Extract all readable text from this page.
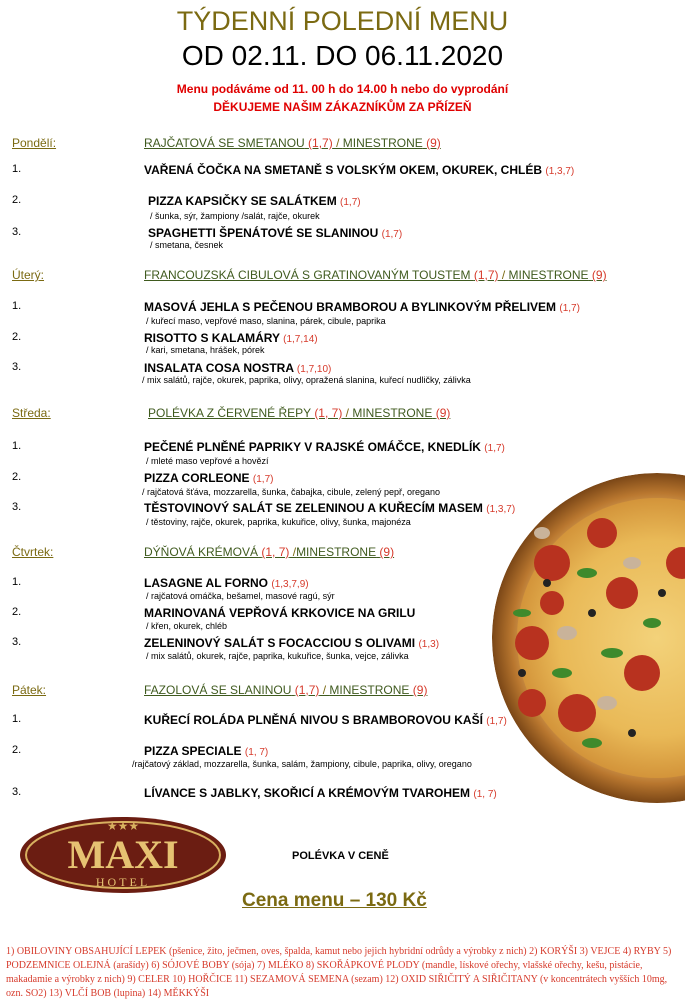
TÝDENNÍ POLEDNÍ MENU
OD 02.11. DO 06.11.2020
Menu podáváme od 11. 00 h do 14.00 h nebo do vyprodání
DĚKUJEME NAŠIM ZÁKAZNÍKŮM ZA PŘÍZEŇ
Pondělí:	RAJČATOVÁ SE SMETANOU (1,7) / MINESTRONE (9)
1.	VAŘENÁ ČOČKA NA SMETANĚ S VOLSKÝM OKEM, OKUREK, CHLÉB (1,3,7)
2.	PIZZA KAPSIČKY SE SALÁTKEM (1,7)
/ šunka, sýr, žampiony /salát, rajče, okurek
3.	SPAGHETTI ŠPENÁTOVÉ SE SLANINOU (1,7)
/ smetana, česnek
Úterý:	FRANCOUZSKÁ CIBULOVÁ S GRATINOVANÝM TOUSTEM (1,7) / MINESTRONE (9)
1.	MASOVÁ JEHLA S PEČENOU BRAMBOROU A BYLINKOVÝM PŘELIVEM (1,7)
/ kuřecí maso, vepřové maso, slanina, párek, cibule, paprika
2.	RISOTTO S KALAMÁRY (1,7,14)
/ kari, smetana, hrášek, pórek
3.	INSALATA COSA NOSTRA (1,7,10)
/ mix salátů, rajče, okurek, paprika, olivy, opražená slanina, kuřecí nudličky, zálivka
Středa:	POLÉVKA Z ČERVENÉ ŘEPY (1, 7) / MINESTRONE (9)
1.	PEČENÉ PLNĚNÉ PAPRIKY V RAJSKÉ OMÁČCE, KNEDLÍK (1,7)
/ mleté maso vepřové a hovězí
2.	PIZZA CORLEONE (1,7)
/ rajčatová šťáva, mozzarella, šunka, čabajka, cibule, zelený pepř, oregano
3.	TĚSTOVINOVÝ SALÁT SE ZELENINOU A KUŘECÍM MASEM (1,3,7)
/ těstoviny, rajče, okurek, paprika, kukuřice, olivy, šunka, majonéza
Čtvrtek:	DÝŇOVÁ KRÉMOVÁ (1, 7) /MINESTRONE (9)
1.	LASAGNE AL FORNO (1,3,7,9)
/ rajčatová omáčka, bešamel, masové ragú, sýr
2.	MARINOVANÁ VEPŘOVÁ KRKOVICE NA GRILU
/ křen, okurek, chléb
3.	ZELENINOVÝ SALÁT S FOCACCIOU S OLIVAMI (1,3)
/ mix salátů, okurek, rajče, paprika, kukuřice, šunka, vejce, zálivka
Pátek:	FAZOLOVÁ SE SLANINOU (1,7) / MINESTRONE (9)
1.	KUŘECÍ ROLÁDA PLNĚNÁ NIVOU S BRAMBOROVOU KAŠÍ (1,7)
2.	PIZZA SPECIALE (1, 7)
/rajčatový základ, mozzarella, šunka, salám, žampiony, cibule, paprika, olivy, oregano
3.	LÍVANCE S JABLKY, SKOŘICÍ A KRÉMOVÝM TVAROHEM (1, 7)
★★★
MAXI
HOTEL
POLÉVKA V CENĚ
Cena menu – 130 Kč
1) OBILOVINY OBSAHUJÍCÍ LEPEK (pšenice, žito, ječmen, oves, špalda, kamut nebo jejich hybridní odrůdy a výrobky z nich) 2) KORÝŠI 3) VEJCE 4) RYBY 5) PODZEMNICE OLEJNÁ (arašídy) 6) SÓJOVÉ BOBY (sója) 7) MLÉKO 8) SKOŘÁPKOVÉ PLODY (mandle, lískové ořechy, vlašské ořechy, kešu, pistácie, makadamie a výrobky z nich) 9) CELER 10) HOŘČICE 11) SEZAMOVÁ SEMENA (sezam) 12) OXID SIŘIČITÝ A SIŘIČITANY (v koncentrátech vyšších 10mg, ozn. SO2) 13) VLČÍ BOB (lupina) 14) MĚKKÝŠI
